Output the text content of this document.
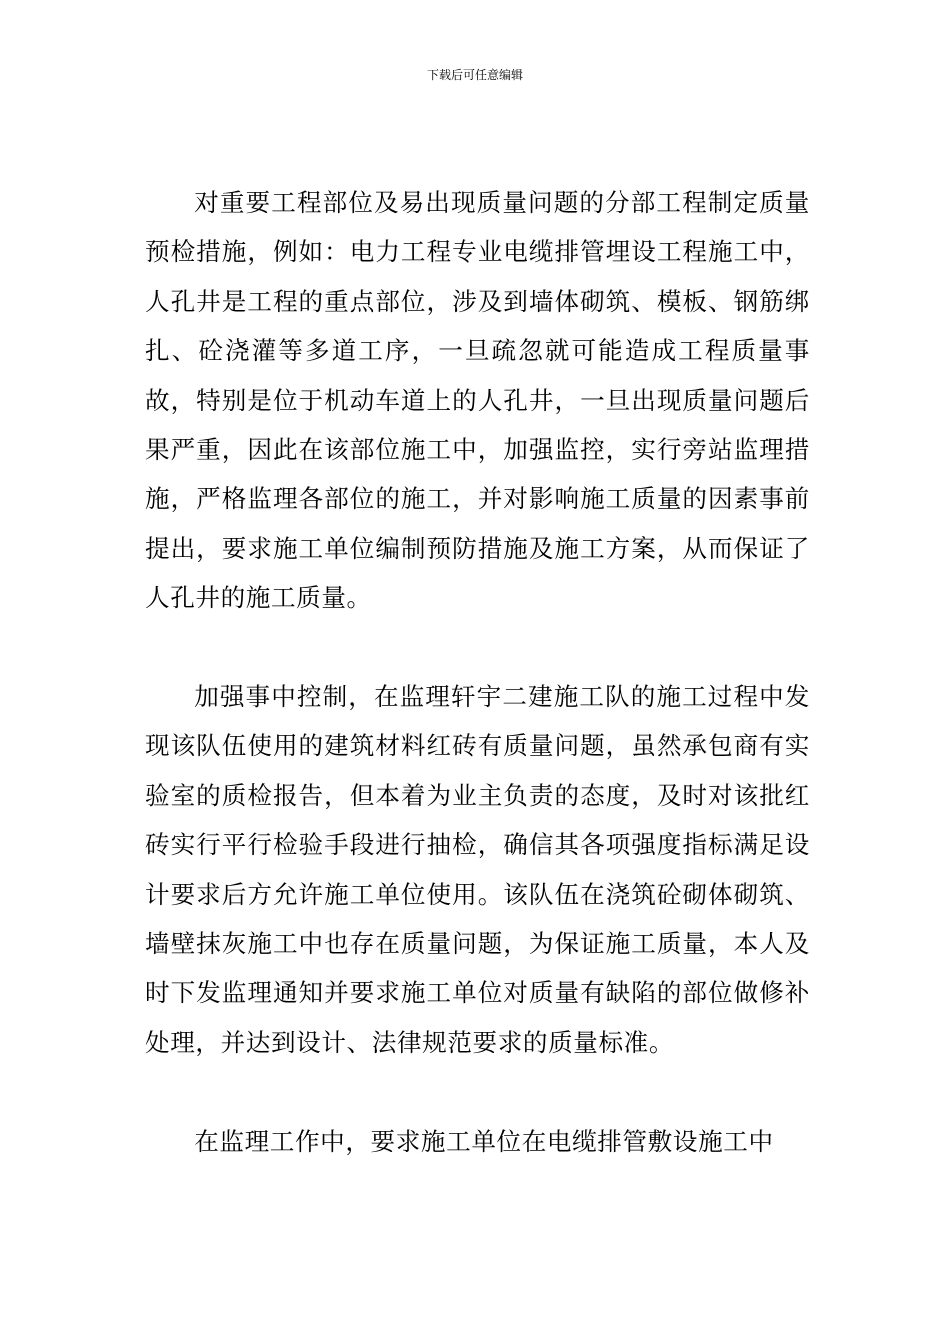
下载后可任意编辑

对重要工程部位及易出现质量问题的分部工程制定质量预检措施，例如：电力工程专业电缆排管埋设工程施工中，人孔井是工程的重点部位，涉及到墙体砌筑、模板、钢筋绑扎、砼浇灌等多道工序，一旦疏忽就可能造成工程质量事故，特别是位于机动车道上的人孔井，一旦出现质量问题后果严重，因此在该部位施工中，加强监控，实行旁站监理措施，严格监理各部位的施工，并对影响施工质量的因素事前提出，要求施工单位编制预防措施及施工方案，从而保证了人孔井的施工质量。

加强事中控制，在监理轩宇二建施工队的施工过程中发现该队伍使用的建筑材料红砖有质量问题，虽然承包商有实验室的质检报告，但本着为业主负责的态度，及时对该批红砖实行平行检验手段进行抽检，确信其各项强度指标满足设计要求后方允许施工单位使用。该队伍在浇筑砼砌体砌筑、墙壁抹灰施工中也存在质量问题，为保证施工质量，本人及时下发监理通知并要求施工单位对质量有缺陷的部位做修补处理，并达到设计、法律规范要求的质量标准。

在监理工作中，要求施工单位在电缆排管敷设施工中
